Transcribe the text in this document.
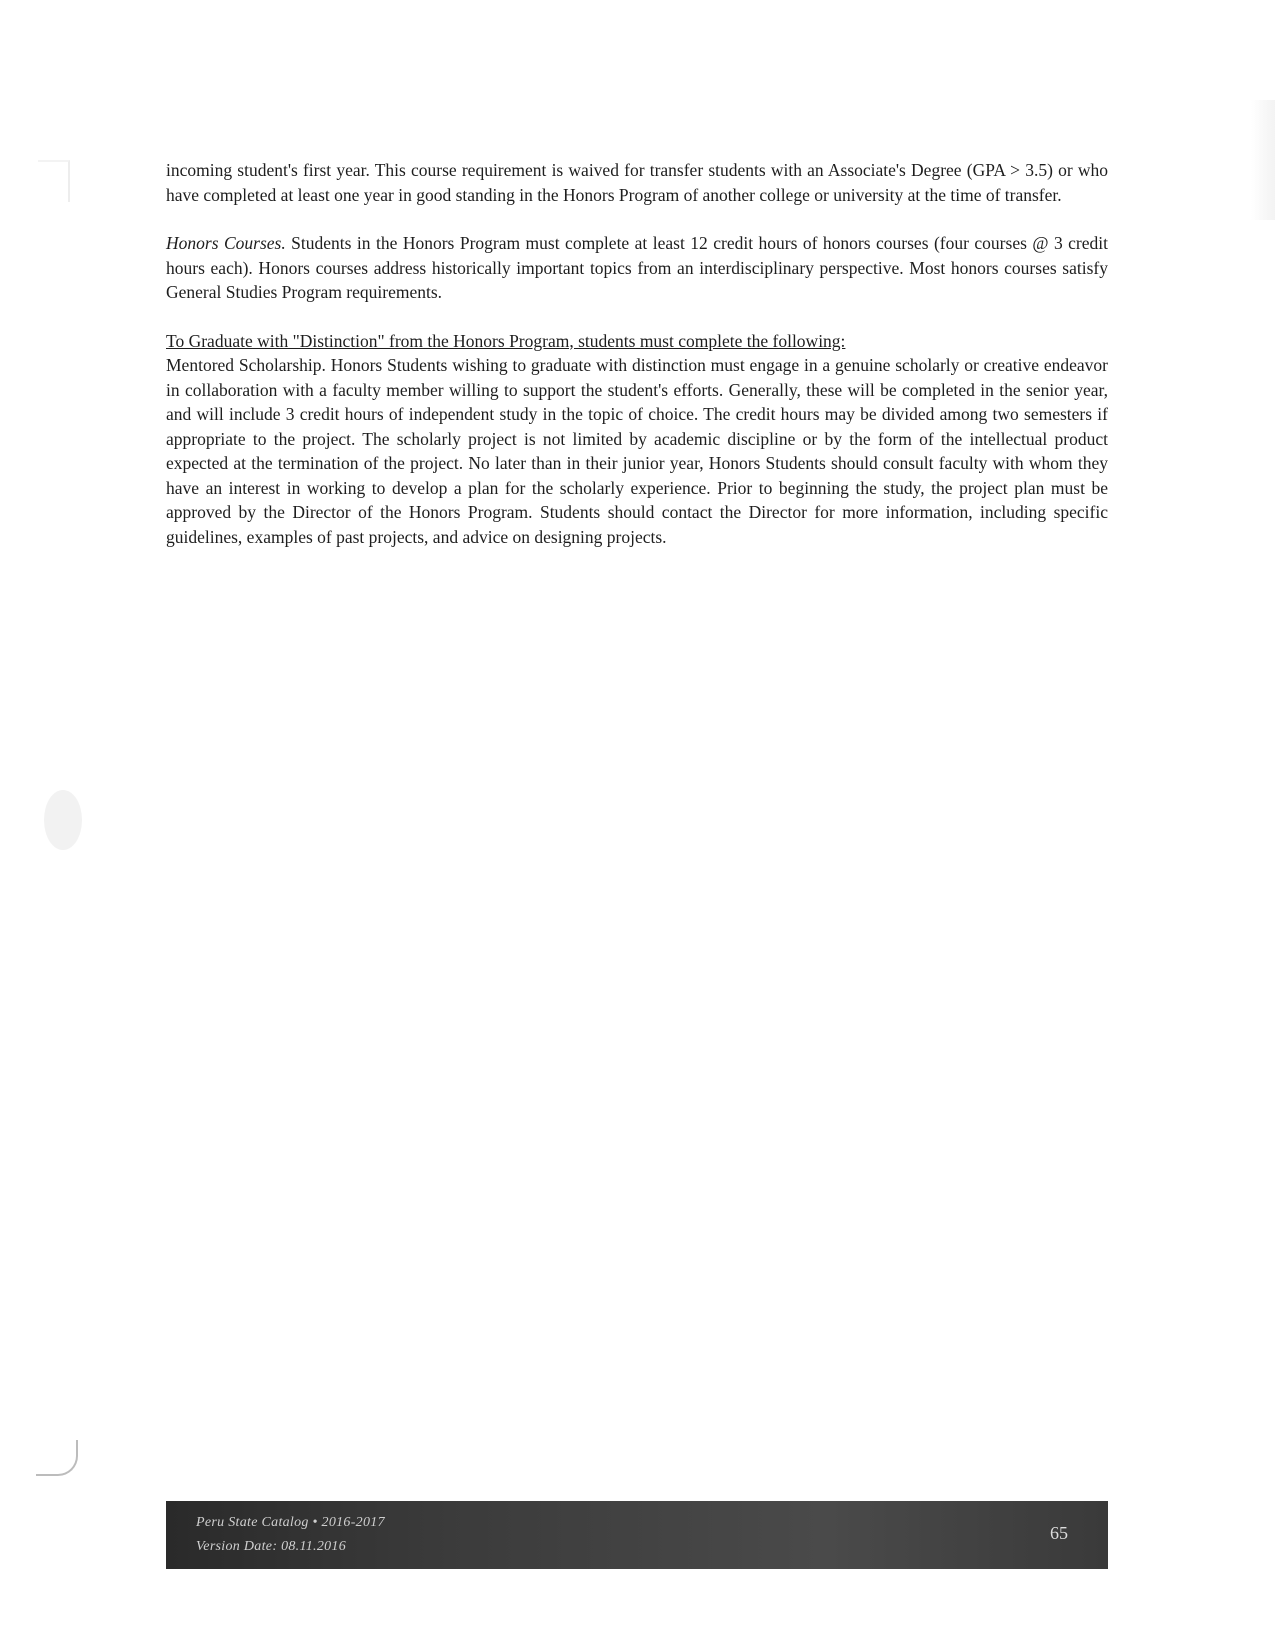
incoming student's first year. This course requirement is waived for transfer students with an Associate's Degree (GPA > 3.5) or who have completed at least one year in good standing in the Honors Program of another college or university at the time of transfer.

Honors Courses. Students in the Honors Program must complete at least 12 credit hours of honors courses (four courses @ 3 credit hours each). Honors courses address historically important topics from an interdisciplinary perspective. Most honors courses satisfy General Studies Program requirements.

To Graduate with "Distinction" from the Honors Program, students must complete the following:

Mentored Scholarship. Honors Students wishing to graduate with distinction must engage in a genuine scholarly or creative endeavor in collaboration with a faculty member willing to support the student's efforts. Generally, these will be completed in the senior year, and will include 3 credit hours of independent study in the topic of choice. The credit hours may be divided among two semesters if appropriate to the project. The scholarly project is not limited by academic discipline or by the form of the intellectual product expected at the termination of the project. No later than in their junior year, Honors Students should consult faculty with whom they have an interest in working to develop a plan for the scholarly experience. Prior to beginning the study, the project plan must be approved by the Director of the Honors Program. Students should contact the Director for more information, including specific guidelines, examples of past projects, and advice on designing projects.

Peru State Catalog • 2016-2017
Version Date: 08.11.2016
65
